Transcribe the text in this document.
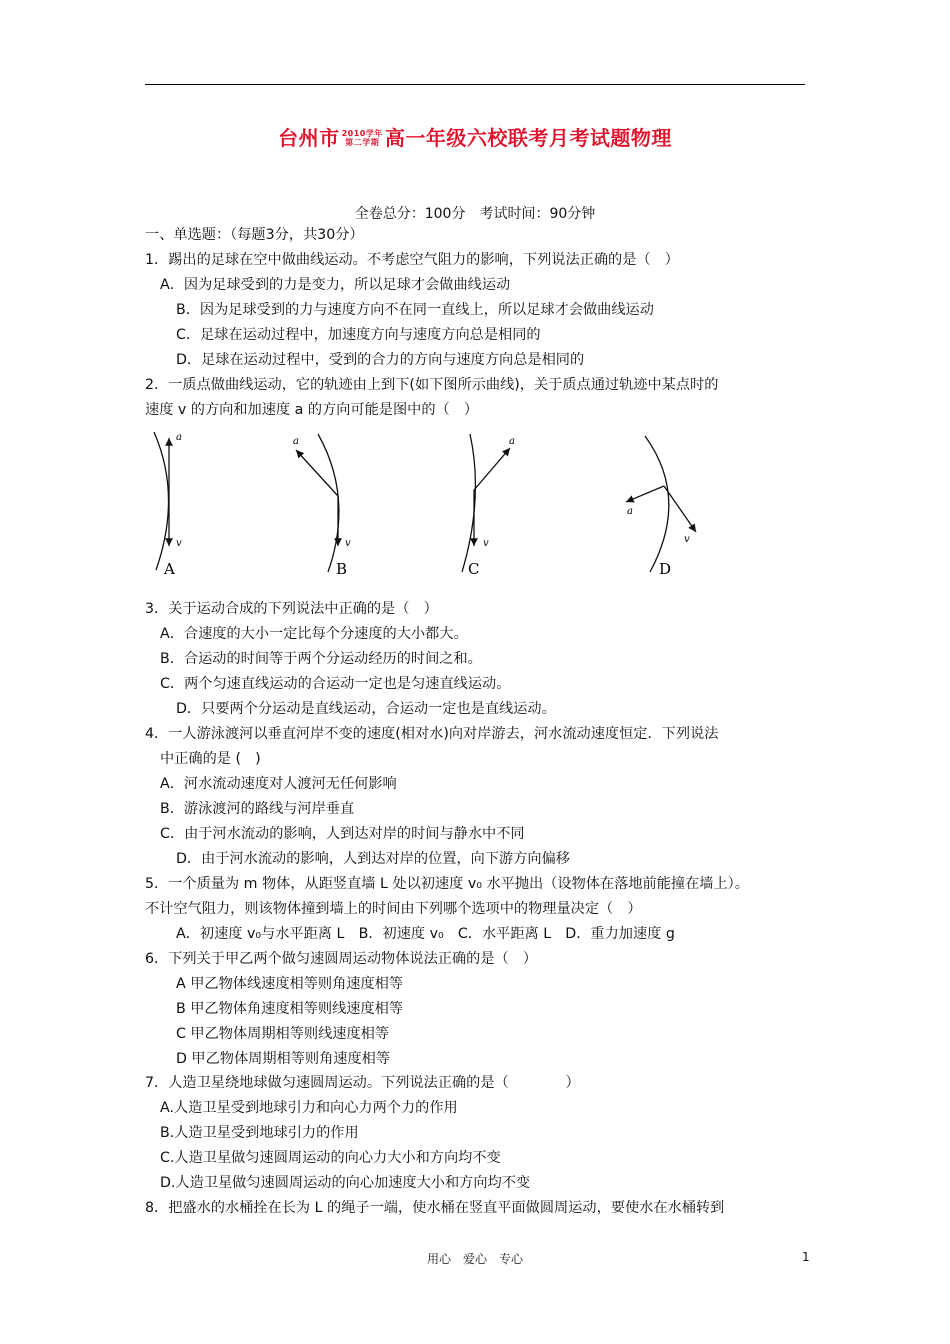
台州市 2010学年
第二学期 高一年级六校联考月考试题物理
全卷总分：100分　考试时间：90分钟
一、单选题：（每题3分，共30分）
1．踢出的足球在空中做曲线运动。不考虑空气阻力的影响，下列说法正确的是（　）
A．因为足球受到的力是变力，所以足球才会做曲线运动
B．因为足球受到的力与速度方向不在同一直线上，所以足球才会做曲线运动
C．足球在运动过程中，加速度方向与速度方向总是相同的
D．足球在运动过程中，受到的合力的方向与速度方向总是相同的
2．一质点做曲线运动，它的轨迹由上到下(如下图所示曲线)，关于质点通过轨迹中某点时的
速度 v 的方向和加速度 a 的方向可能是图中的（　）
a
v
A
a
v
B
a
v
C
a
v
D
3．关于运动合成的下列说法中正确的是（　）
A．合速度的大小一定比每个分速度的大小都大。
B．合运动的时间等于两个分运动经历的时间之和。
C．两个匀速直线运动的合运动一定也是匀速直线运动。
D．只要两个分运动是直线运动，合运动一定也是直线运动。
4．一人游泳渡河以垂直河岸不变的速度(相对水)向对岸游去，河水流动速度恒定．下列说法
中正确的是 (　)
A．河水流动速度对人渡河无任何影响
B．游泳渡河的路线与河岸垂直
C．由于河水流动的影响，人到达对岸的时间与静水中不同
D．由于河水流动的影响，人到达对岸的位置，向下游方向偏移
5．一个质量为 m 物体，从距竖直墙 L 处以初速度 v₀ 水平抛出（设物体在落地前能撞在墙上）。
不计空气阻力，则该物体撞到墙上的时间由下列哪个选项中的物理量决定（　）
A．初速度 v₀与水平距离 L　B．初速度 v₀　C．水平距离 L　D．重力加速度 g
6．下列关于甲乙两个做匀速圆周运动物体说法正确的是（　）
A 甲乙物体线速度相等则角速度相等
B 甲乙物体角速度相等则线速度相等
C 甲乙物体周期相等则线速度相等
D 甲乙物体周期相等则角速度相等
7．人造卫星绕地球做匀速圆周运动。下列说法正确的是（　　　　）
A.人造卫星受到地球引力和向心力两个力的作用
B.人造卫星受到地球引力的作用
C.人造卫星做匀速圆周运动的向心力大小和方向均不变
D.人造卫星做匀速圆周运动的向心加速度大小和方向均不变
8．把盛水的水桶拴在长为 L 的绳子一端，使水桶在竖直平面做圆周运动，要使水在水桶转到
用心　爱心　专心	1
